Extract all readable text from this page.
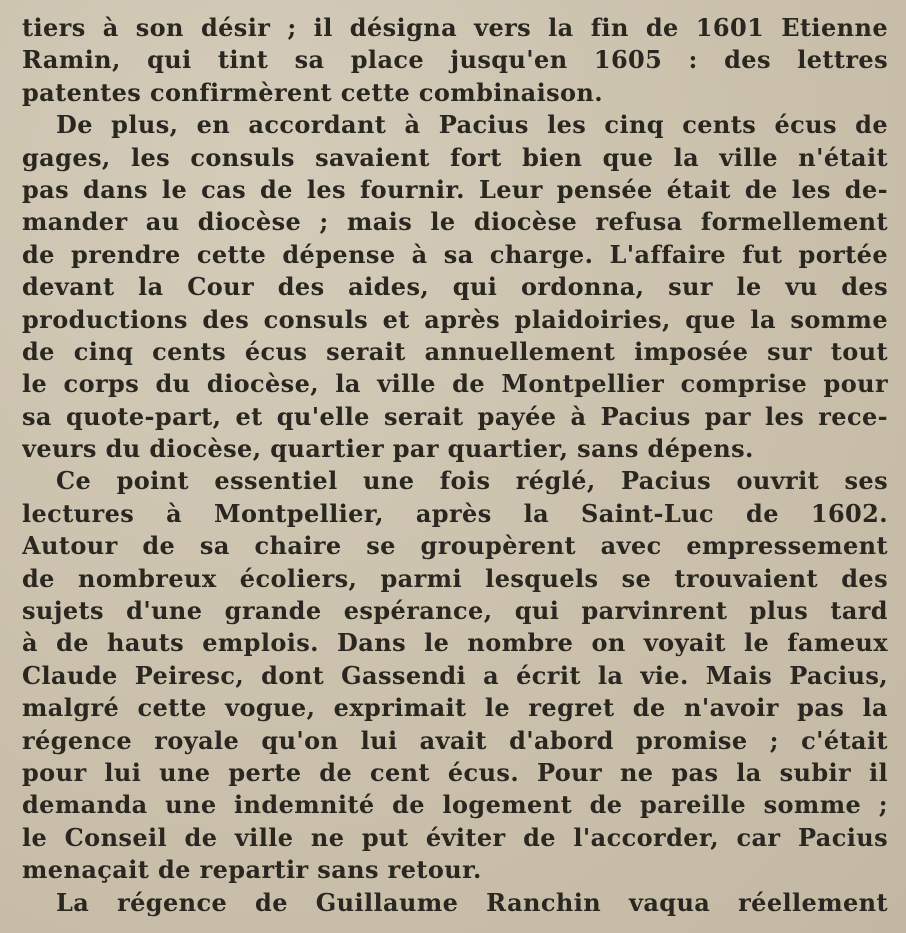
tiers à son désir ; il désigna vers la fin de 1601 Etienne
Ramin, qui tint sa place jusqu'en 1605 : des lettres
patentes confirmèrent cette combinaison.
De plus, en accordant à Pacius les cinq cents écus de
gages, les consuls savaient fort bien que la ville n'était
pas dans le cas de les fournir. Leur pensée était de les de-
mander au diocèse ; mais le diocèse refusa formellement
de prendre cette dépense à sa charge. L'affaire fut portée
devant la Cour des aides, qui ordonna, sur le vu des
productions des consuls et après plaidoiries, que la somme
de cinq cents écus serait annuellement imposée sur tout
le corps du diocèse, la ville de Montpellier comprise pour
sa quote-part, et qu'elle serait payée à Pacius par les rece-
veurs du diocèse, quartier par quartier, sans dépens.
Ce point essentiel une fois réglé, Pacius ouvrit ses
lectures à Montpellier, après la Saint-Luc de 1602.
Autour de sa chaire se groupèrent avec empressement
de nombreux écoliers, parmi lesquels se trouvaient des
sujets d'une grande espérance, qui parvinrent plus tard
à de hauts emplois. Dans le nombre on voyait le fameux
Claude Peiresc, dont Gassendi a écrit la vie. Mais Pacius,
malgré cette vogue, exprimait le regret de n'avoir pas la
régence royale qu'on lui avait d'abord promise ; c'était
pour lui une perte de cent écus. Pour ne pas la subir il
demanda une indemnité de logement de pareille somme ;
le Conseil de ville ne put éviter de l'accorder, car Pacius
menaçait de repartir sans retour.
La régence de Guillaume Ranchin vaqua réellement
